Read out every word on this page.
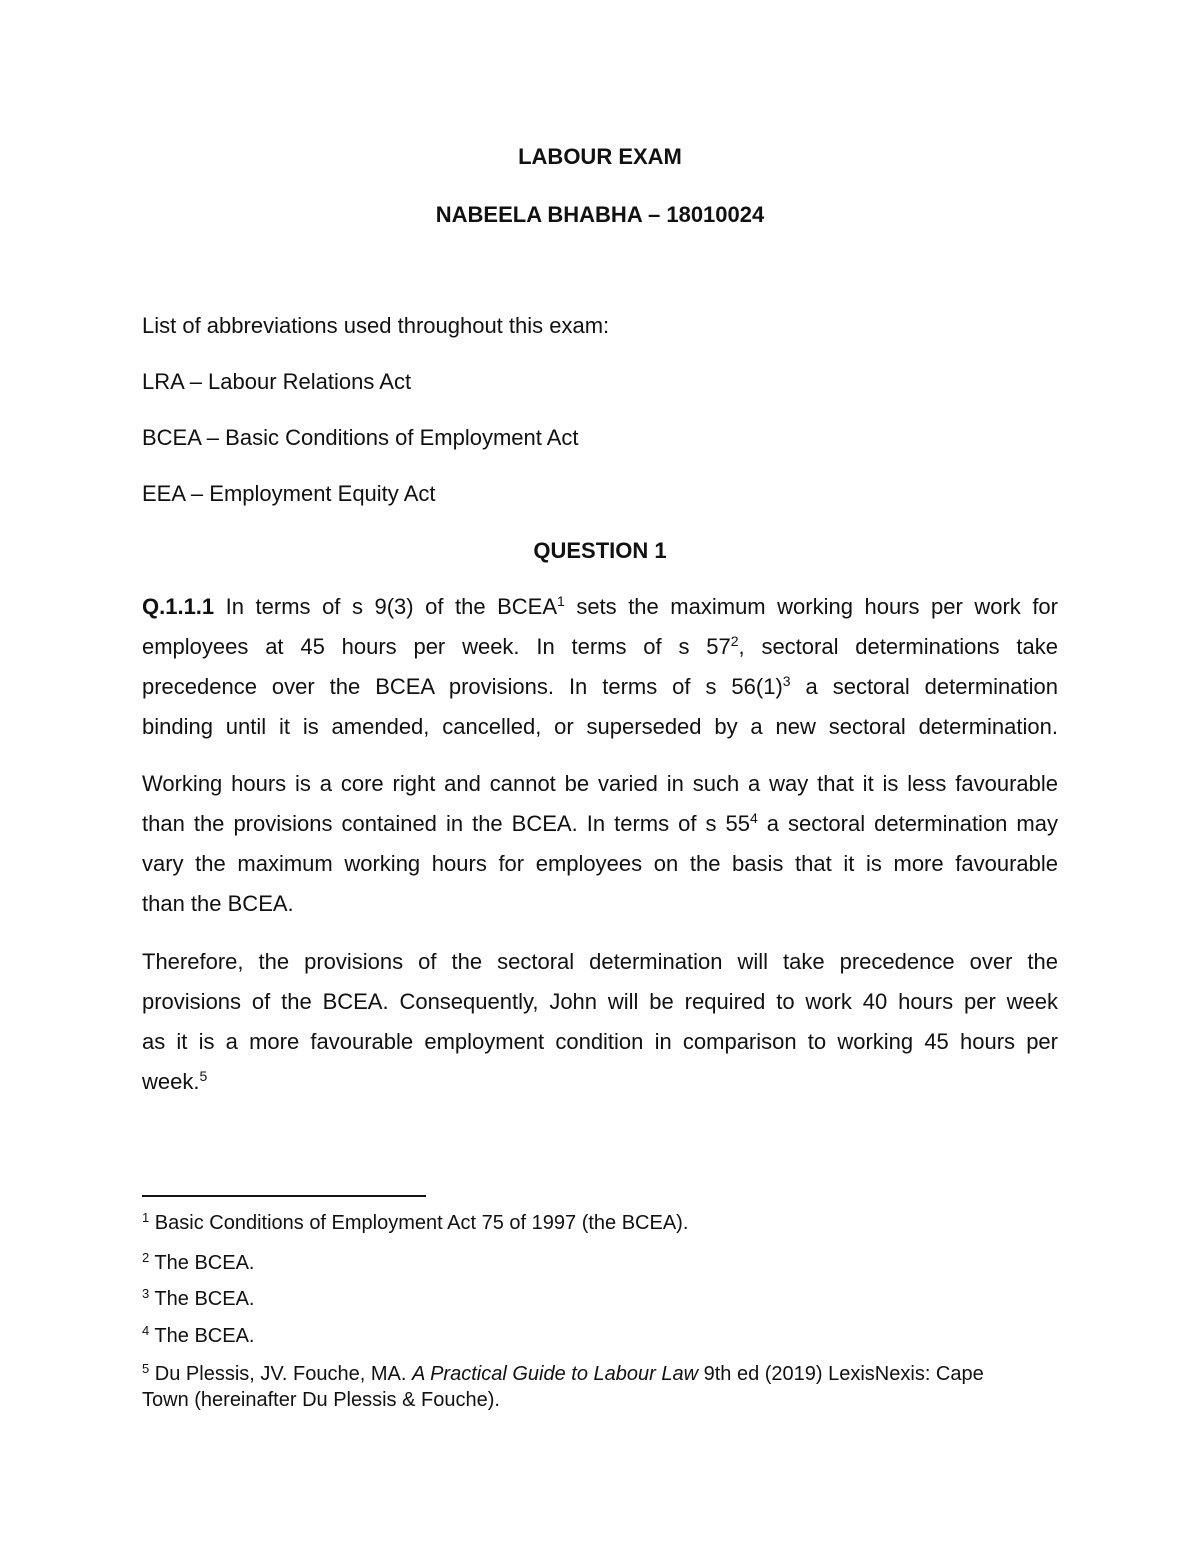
LABOUR EXAM
NABEELA BHABHA – 18010024
List of abbreviations used throughout this exam:
LRA – Labour Relations Act
BCEA – Basic Conditions of Employment Act
EEA – Employment Equity Act
QUESTION 1
Q.1.1.1 In terms of s 9(3) of the BCEA$^1$ sets the maximum working hours per work for
employees at 45 hours per week. In terms of s $57^2$, sectoral determinations take
precedence over the BCEA provisions. In terms of s $56(1)^3$ a sectoral determination
binding until it is amended, cancelled, or superseded by a new sectoral determination.
Working hours is a core right and cannot be varied in such a way that it is less favourable
than the provisions contained in the BCEA. In terms of s $55^4$ a sectoral determination may
vary the maximum working hours for employees on the basis that it is more favourable
than the BCEA.
Therefore, the provisions of the sectoral determination will take precedence over the
provisions of the BCEA. Consequently, John will be required to work 40 hours per week
as it is a more favourable employment condition in comparison to working 45 hours per
week.$^5$
$^1$ Basic Conditions of Employment Act 75 of 1997 (the BCEA).
$^2$ The BCEA.
$^3$ The BCEA.
$^4$ The BCEA.
$^5$ Du Plessis, JV. Fouche, MA. A Practical Guide to Labour Law 9th ed (2019) LexisNexis: Cape
Town (hereinafter Du Plessis & Fouche).
